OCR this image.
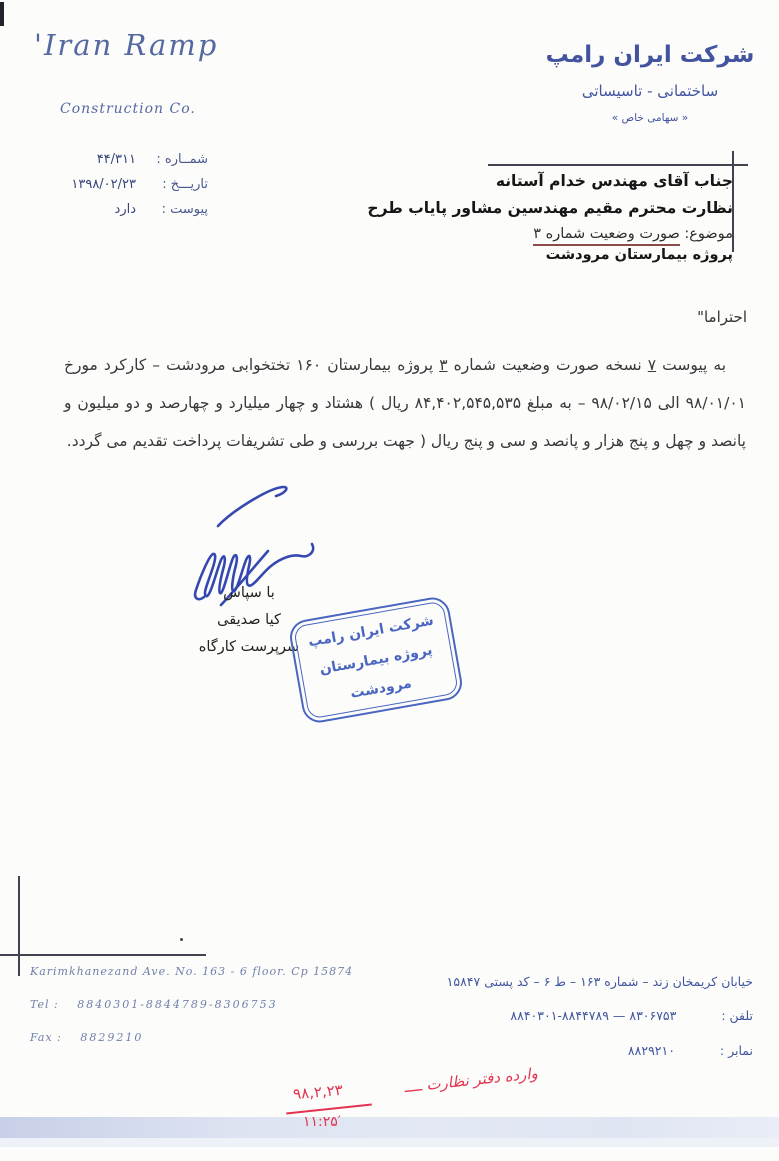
'Iran Ramp
Construction Co.
شمــاره :
۴۴/۳۱۱
تاریـــخ :
۱۳۹۸/۰۲/۲۳
پیوست :
دارد
شرکت ایران رامپ
ساختمانی - تاسیساتی
« سهامی خاص »
جناب آقای مهندس خدام آستانه
نظارت محترم مقیم مهندسین مشاور پایاب طرح
موضوع: صورت وضعیت شماره ۳
پروژه بیمارستان مرودشت
احتراما"
به پیوست ۷ نسخه صورت وضعیت شماره ۳ پروژه بیمارستان ۱۶۰ تختخوابی مرودشت – کارکرد مورخ
۹۸/۰۱/۰۱ الی ۹۸/۰۲/۱۵ – به مبلغ ۸۴,۴۰۲,۵۴۵,۵۳۵ ریال ( هشتاد و چهار میلیارد و چهارصد و دو میلیون و
پانصد و چهل و پنج هزار و پانصد و سی و پنج ریال ) جهت بررسی و طی تشریفات پرداخت تقدیم می گردد.
با سپاس
کیا صدیقی
سرپرست کارگاه شرکت ایران رامپ
پروژه بیمارستان
مرودشت
Karimkhanezand Ave. No. 163 - 6 floor. Cp 15874
Tel : 8840301-8844789-8306753
Fax : 8829210
خیابان کریمخان زند – شماره ۱۶۳ – ط ۶ – کد پستی ۱۵۸۴۷
تلفن :
۸۸۴۰۳۰۱-۸۸۴۴۷۸۹ — ۸۳۰۶۷۵۳
نمابر :
۸۸۲۹۲۱۰
وارده دفتر نظارت ــــ
۹۸,۲,۲۳
۱۱:۲۵′
